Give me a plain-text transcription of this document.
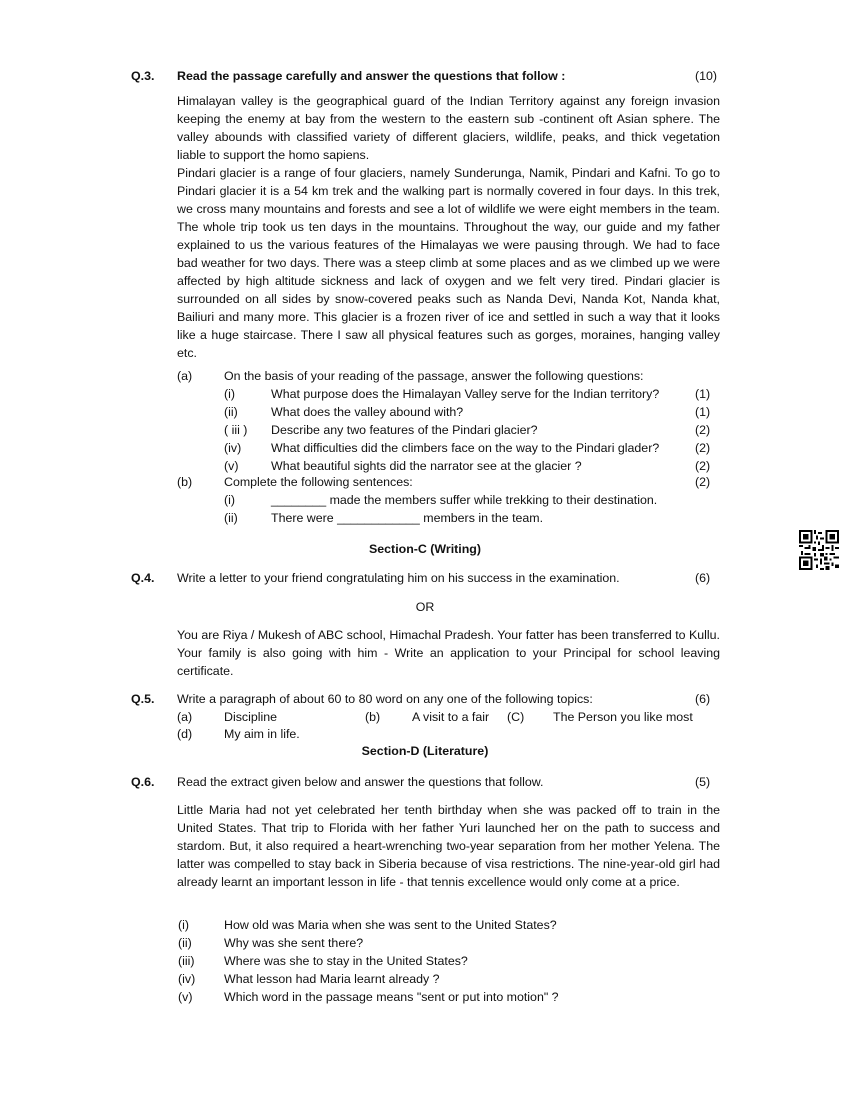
Q.3. Read the passage carefully and answer the questions that follow :	(10)
Himalayan valley is the geographical guard of the Indian Territory against any foreign invasion keeping the enemy at bay from the western to the eastern sub -continent oft Asian sphere. The valley abounds with classified variety of different glaciers, wildlife, peaks, and thick vegetation liable to support the homo sapiens.
Pindari glacier is a range of four glaciers, namely Sunderunga, Namik, Pindari and Kafni. To go to Pindari glacier it is a 54 km trek and the walking part is normally covered in four days. In this trek, we cross many mountains and forests and see a lot of wildlife we were eight members in the team. The whole trip took us ten days in the mountains. Throughout the way, our guide and my father explained to us the various features of the Himalayas we were pausing through. We had to face bad weather for two days. There was a steep climb at some places and as we climbed up we were affected by high altitude sickness and lack of oxygen and we felt very tired. Pindari glacier is surrounded on all sides by snow-covered peaks such as Nanda Devi, Nanda Kot, Nanda khat, Bailiuri and many more. This glacier is a frozen river of ice and settled in such a way that it looks like a huge staircase. There I saw all physical features such as gorges, moraines, hanging valley etc.
(a)	On the basis of your reading of the passage, answer the following questions:
(i)	What purpose does the Himalayan Valley serve for the Indian territory?	(1)
(ii)	What does the valley abound with?	(1)
( iii ) Describe any two features of the Pindari glacier?	(2)
(iv) What difficulties did the climbers face on the way to the Pindari glader?	(2)
(v)	What beautiful sights did the narrator see at the glacier ?	(2)
(b)	Complete the following sentences:	(2)
(i)	________ made the members suffer while trekking to their destination.
(ii)	There were ____________ members in the team.
Section-C (Writing)
Q.4. Write a letter to your friend congratulating him on his success in the examination.	(6)
OR
You are Riya / Mukesh of ABC school, Himachal Pradesh. Your fatter has been transferred to Kullu. Your family is also going with him - Write an application to your Principal for school leaving certificate.
Q.5. Write a paragraph of about 60 to 80 word on any one of the following topics:	(6)
(a)	Discipline	(b)	A visit to a fair (C) The Person you like most
(d)	My aim in life.
Section-D (Literature)
Q.6. Read the extract given below and answer the questions that follow.	(5)
Little Maria had not yet celebrated her tenth birthday when she was packed off to train in the United States. That trip to Florida with her father Yuri launched her on the path to success and stardom. But, it also required a heart-wrenching two-year separation from her mother Yelena. The latter was compelled to stay back in Siberia because of visa restrictions. The nine-year-old girl had already learnt an important lesson in life - that tennis excellence would only come at a price.
(i)	How old was Maria when she was sent to the United States?
(ii)	Why was she sent there?
(iii) Where was she to stay in the United States?
(iv) What lesson had Maria learnt already ?
(v)	Which word in the passage means "sent or put into motion" ?
